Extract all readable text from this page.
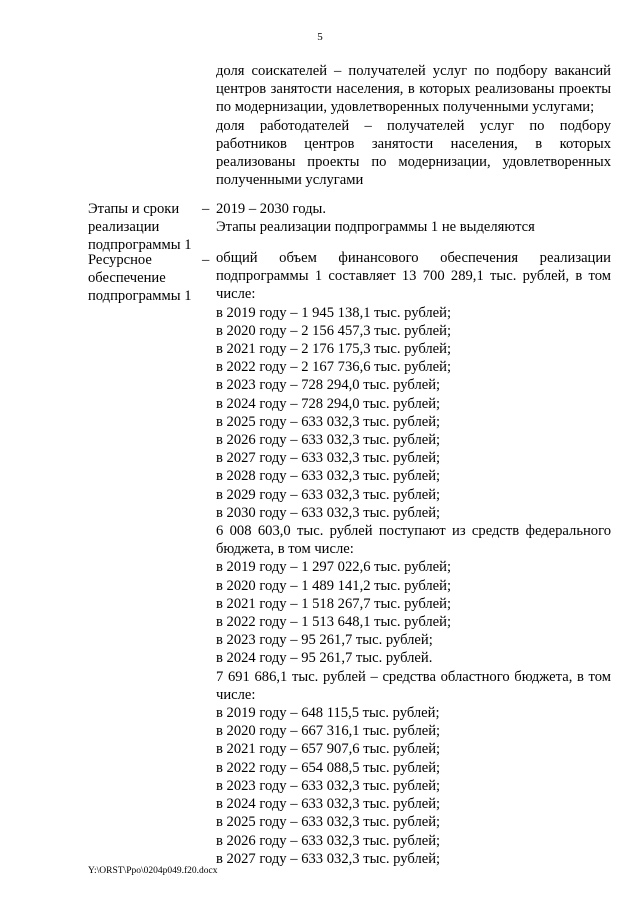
5

доля соискателей – получателей услуг по подбору вакансий центров занятости населения, в которых реализованы проекты по модернизации, удовлетворенных полученными услугами;

доля работодателей – получателей услуг по подбору работников центров занятости населения, в которых реализованы проекты по модернизации, удовлетворенных полученными услугами

Этапы и сроки реализации подпрограммы 1
– 2019 – 2030 годы.

Этапы реализации подпрограммы 1 не выделяются

Ресурсное обеспечение подпрограммы 1
– общий объем финансового обеспечения реализации подпрограммы 1 составляет 13 700 289,1 тыс. рублей, в том числе:

в 2019 году – 1 945 138,1 тыс. рублей;

в 2020 году – 2 156 457,3 тыс. рублей;

в 2021 году – 2 176 175,3 тыс. рублей;

в 2022 году – 2 167 736,6 тыс. рублей;

в 2023 году – 728 294,0 тыс. рублей;

в 2024 году – 728 294,0 тыс. рублей;

в 2025 году – 633 032,3 тыс. рублей;

в 2026 году – 633 032,3 тыс. рублей;

в 2027 году – 633 032,3 тыс. рублей;

в 2028 году – 633 032,3 тыс. рублей;

в 2029 году – 633 032,3 тыс. рублей;

в 2030 году – 633 032,3 тыс. рублей;

6 008 603,0 тыс. рублей поступают из средств федерального бюджета, в том числе:

в 2019 году – 1 297 022,6 тыс. рублей;

в 2020 году – 1 489 141,2 тыс. рублей;

в 2021 году – 1 518 267,7 тыс. рублей;

в 2022 году – 1 513 648,1 тыс. рублей;

в 2023 году – 95 261,7 тыс. рублей;

в 2024 году – 95 261,7 тыс. рублей.

7 691 686,1 тыс. рублей – средства областного бюджета, в том числе:

в 2019 году – 648 115,5 тыс. рублей;

в 2020 году – 667 316,1 тыс. рублей;

в 2021 году – 657 907,6 тыс. рублей;

в 2022 году – 654 088,5 тыс. рублей;

в 2023 году – 633 032,3 тыс. рублей;

в 2024 году – 633 032,3 тыс. рублей;

в 2025 году – 633 032,3 тыс. рублей;

в 2026 году – 633 032,3 тыс. рублей;

в 2027 году – 633 032,3 тыс. рублей;

Y:\ORST\Ppo\0204p049.f20.docx
